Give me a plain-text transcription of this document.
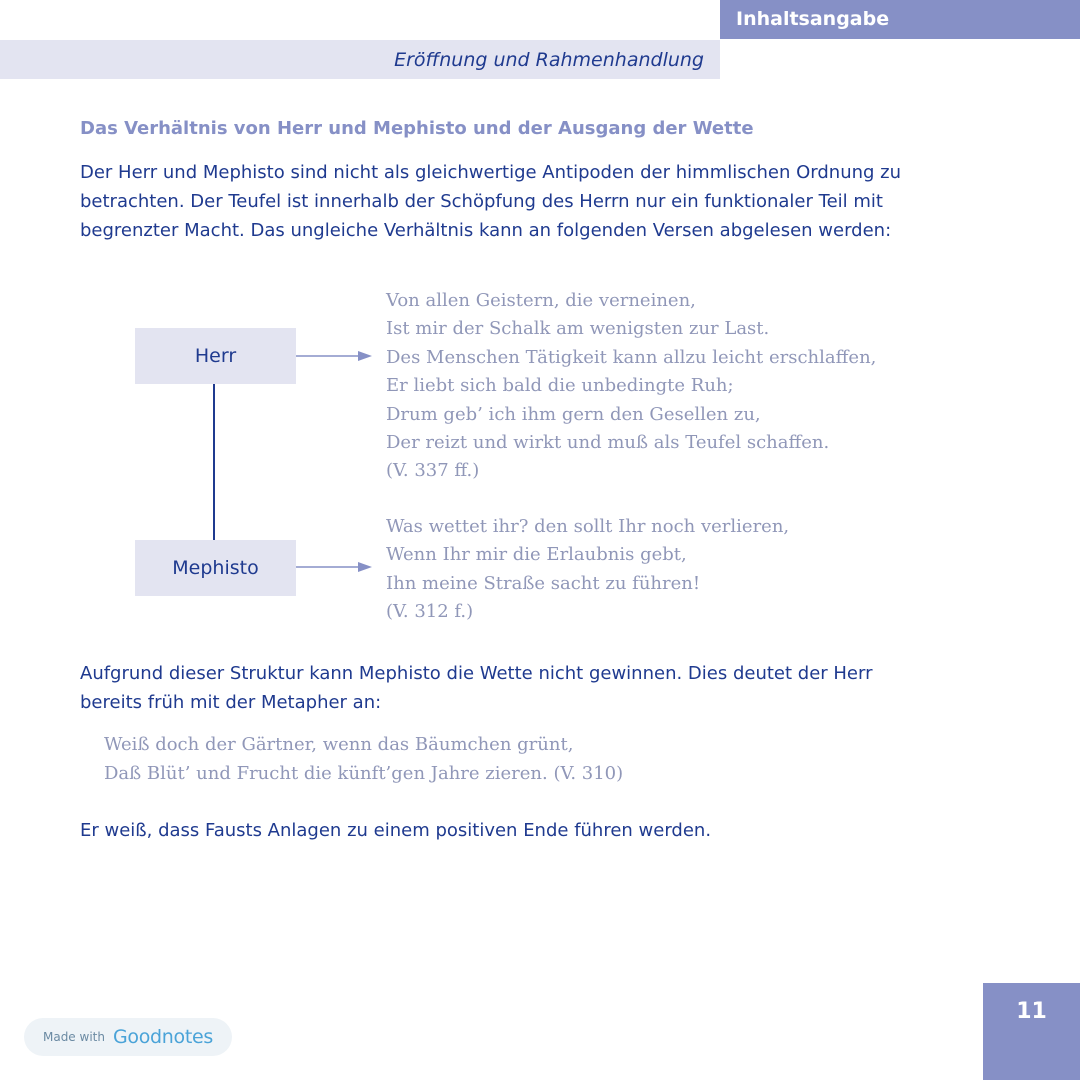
Inhaltsangabe
Eröffnung und Rahmenhandlung
Das Verhältnis von Herr und Mephisto und der Ausgang der Wette
Der Herr und Mephisto sind nicht als gleichwertige Antipoden der himmlischen Ordnung zu
betrachten. Der Teufel ist innerhalb der Schöpfung des Herrn nur ein funktionaler Teil mit
begrenzter Macht. Das ungleiche Verhältnis kann an folgenden Versen abgelesen werden:
Herr
Mephisto
Von allen Geistern, die verneinen,
Ist mir der Schalk am wenigsten zur Last.
Des Menschen Tätigkeit kann allzu leicht erschlaffen,
Er liebt sich bald die unbedingte Ruh;
Drum geb’ ich ihm gern den Gesellen zu,
Der reizt und wirkt und muß als Teufel schaffen.
(V. 337 ff.)
Was wettet ihr? den sollt Ihr noch verlieren,
Wenn Ihr mir die Erlaubnis gebt,
Ihn meine Straße sacht zu führen!
(V. 312 f.)
Aufgrund dieser Struktur kann Mephisto die Wette nicht gewinnen. Dies deutet der Herr
bereits früh mit der Metapher an:
Weiß doch der Gärtner, wenn das Bäumchen grünt,
Daß Blüt’ und Frucht die künft’gen Jahre zieren. (V. 310)
Er weiß, dass Fausts Anlagen zu einem positiven Ende führen werden.
11
Made with Goodnotes
